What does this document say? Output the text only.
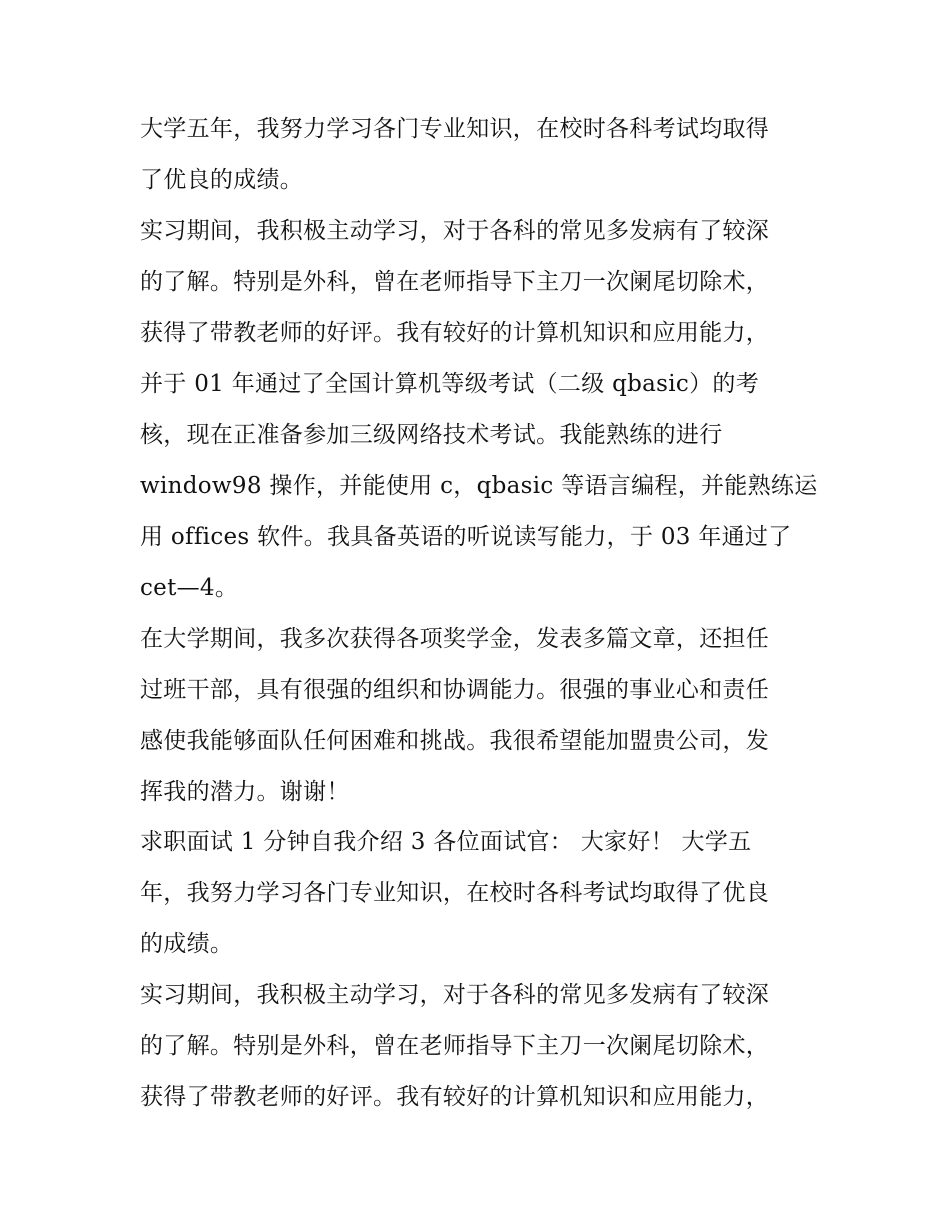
大学五年，我努力学习各门专业知识，在校时各科考试均取得
了优良的成绩。
实习期间，我积极主动学习，对于各科的常见多发病有了较深
的了解。特别是外科，曾在老师指导下主刀一次阑尾切除术，
获得了带教老师的好评。我有较好的计算机知识和应用能力，
并于 01 年通过了全国计算机等级考试（二级 qbasic）的考
核，现在正准备参加三级网络技术考试。我能熟练的进行
window98 操作，并能使用 c，qbasic 等语言编程，并能熟练运
用 offices 软件。我具备英语的听说读写能力，于 03 年通过了
cet—4。
在大学期间，我多次获得各项奖学金，发表多篇文章，还担任
过班干部，具有很强的组织和协调能力。很强的事业心和责任
感使我能够面队任何困难和挑战。我很希望能加盟贵公司，发
挥我的潜力。谢谢！
求职面试 1 分钟自我介绍 3 各位面试官： 大家好！ 大学五
年，我努力学习各门专业知识，在校时各科考试均取得了优良
的成绩。
实习期间，我积极主动学习，对于各科的常见多发病有了较深
的了解。特别是外科，曾在老师指导下主刀一次阑尾切除术，
获得了带教老师的好评。我有较好的计算机知识和应用能力，
